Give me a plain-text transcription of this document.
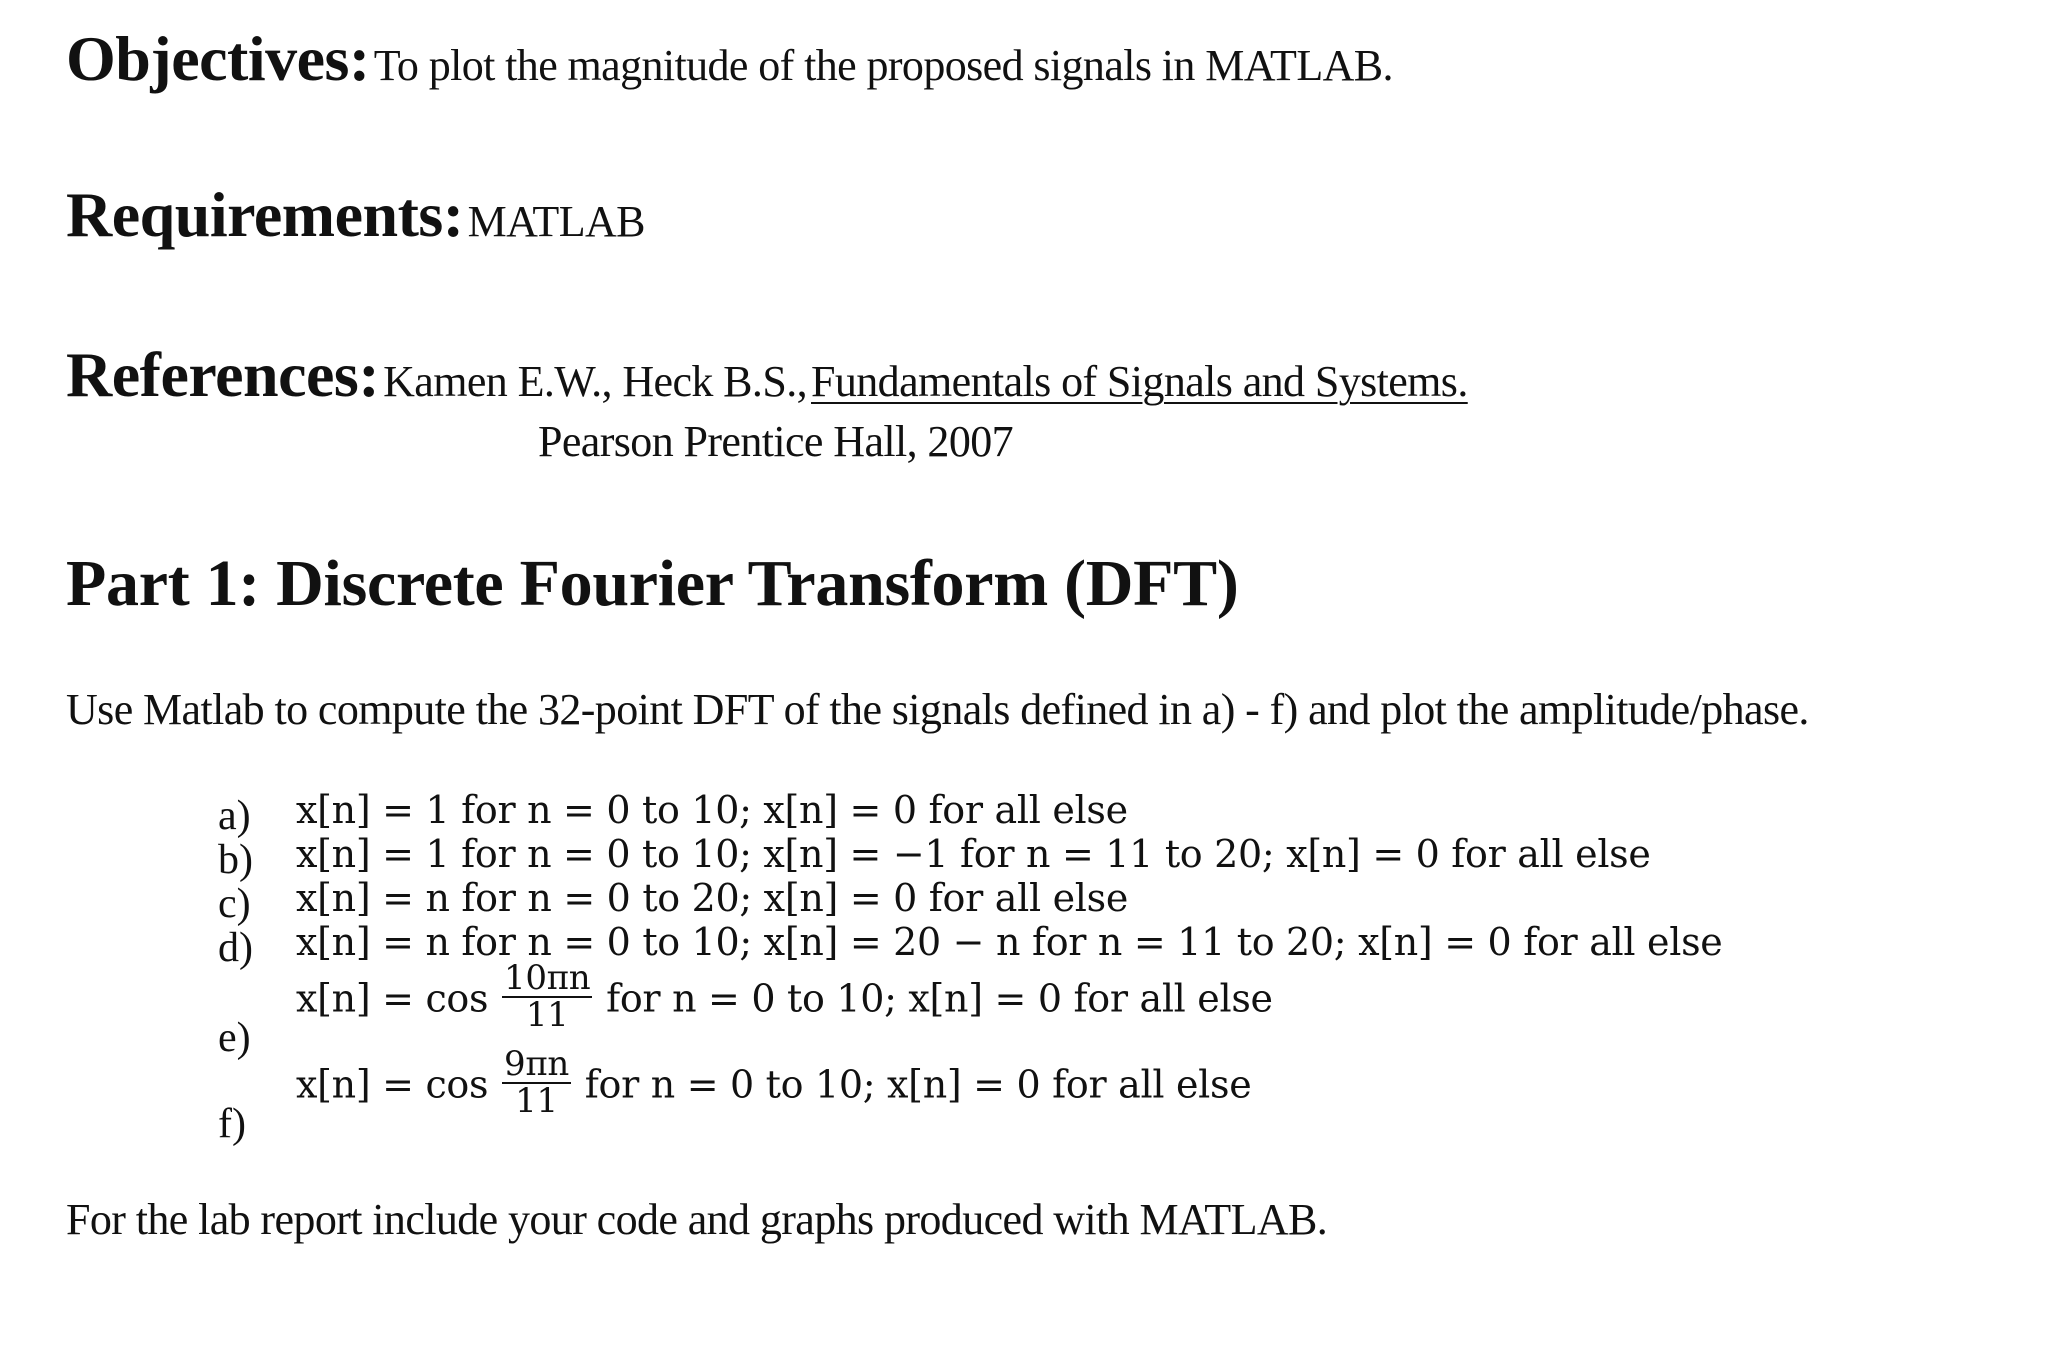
Objectives: To plot the magnitude of the proposed signals in MATLAB.
Requirements: MATLAB
References: Kamen E.W., Heck B.S., Fundamentals of Signals and Systems.
Pearson Prentice Hall, 2007
Part 1: Discrete Fourier Transform (DFT)
Use Matlab to compute the 32-point DFT of the signals defined in a) - f) and plot the amplitude/phase.
a) x[n] = 1 for n = 0 to 10; x[n] = 0 for all else
b) x[n] = 1 for n = 0 to 10; x[n] = −1 for n = 11 to 20; x[n] = 0 for all else
c) x[n] = n for n = 0 to 20; x[n] = 0 for all else
d) x[n] = n for n = 0 to 10; x[n] = 20 − n for n = 11 to 20; x[n] = 0 for all else
e)
$x[n] = \cos \frac{10\pi n}{11}$ for n = 0 to 10; x[n] = 0 for all else
f)
$x[n] = \cos \frac{9\pi n}{11}$ for n = 0 to 10; x[n] = 0 for all else
For the lab report include your code and graphs produced with MATLAB.
